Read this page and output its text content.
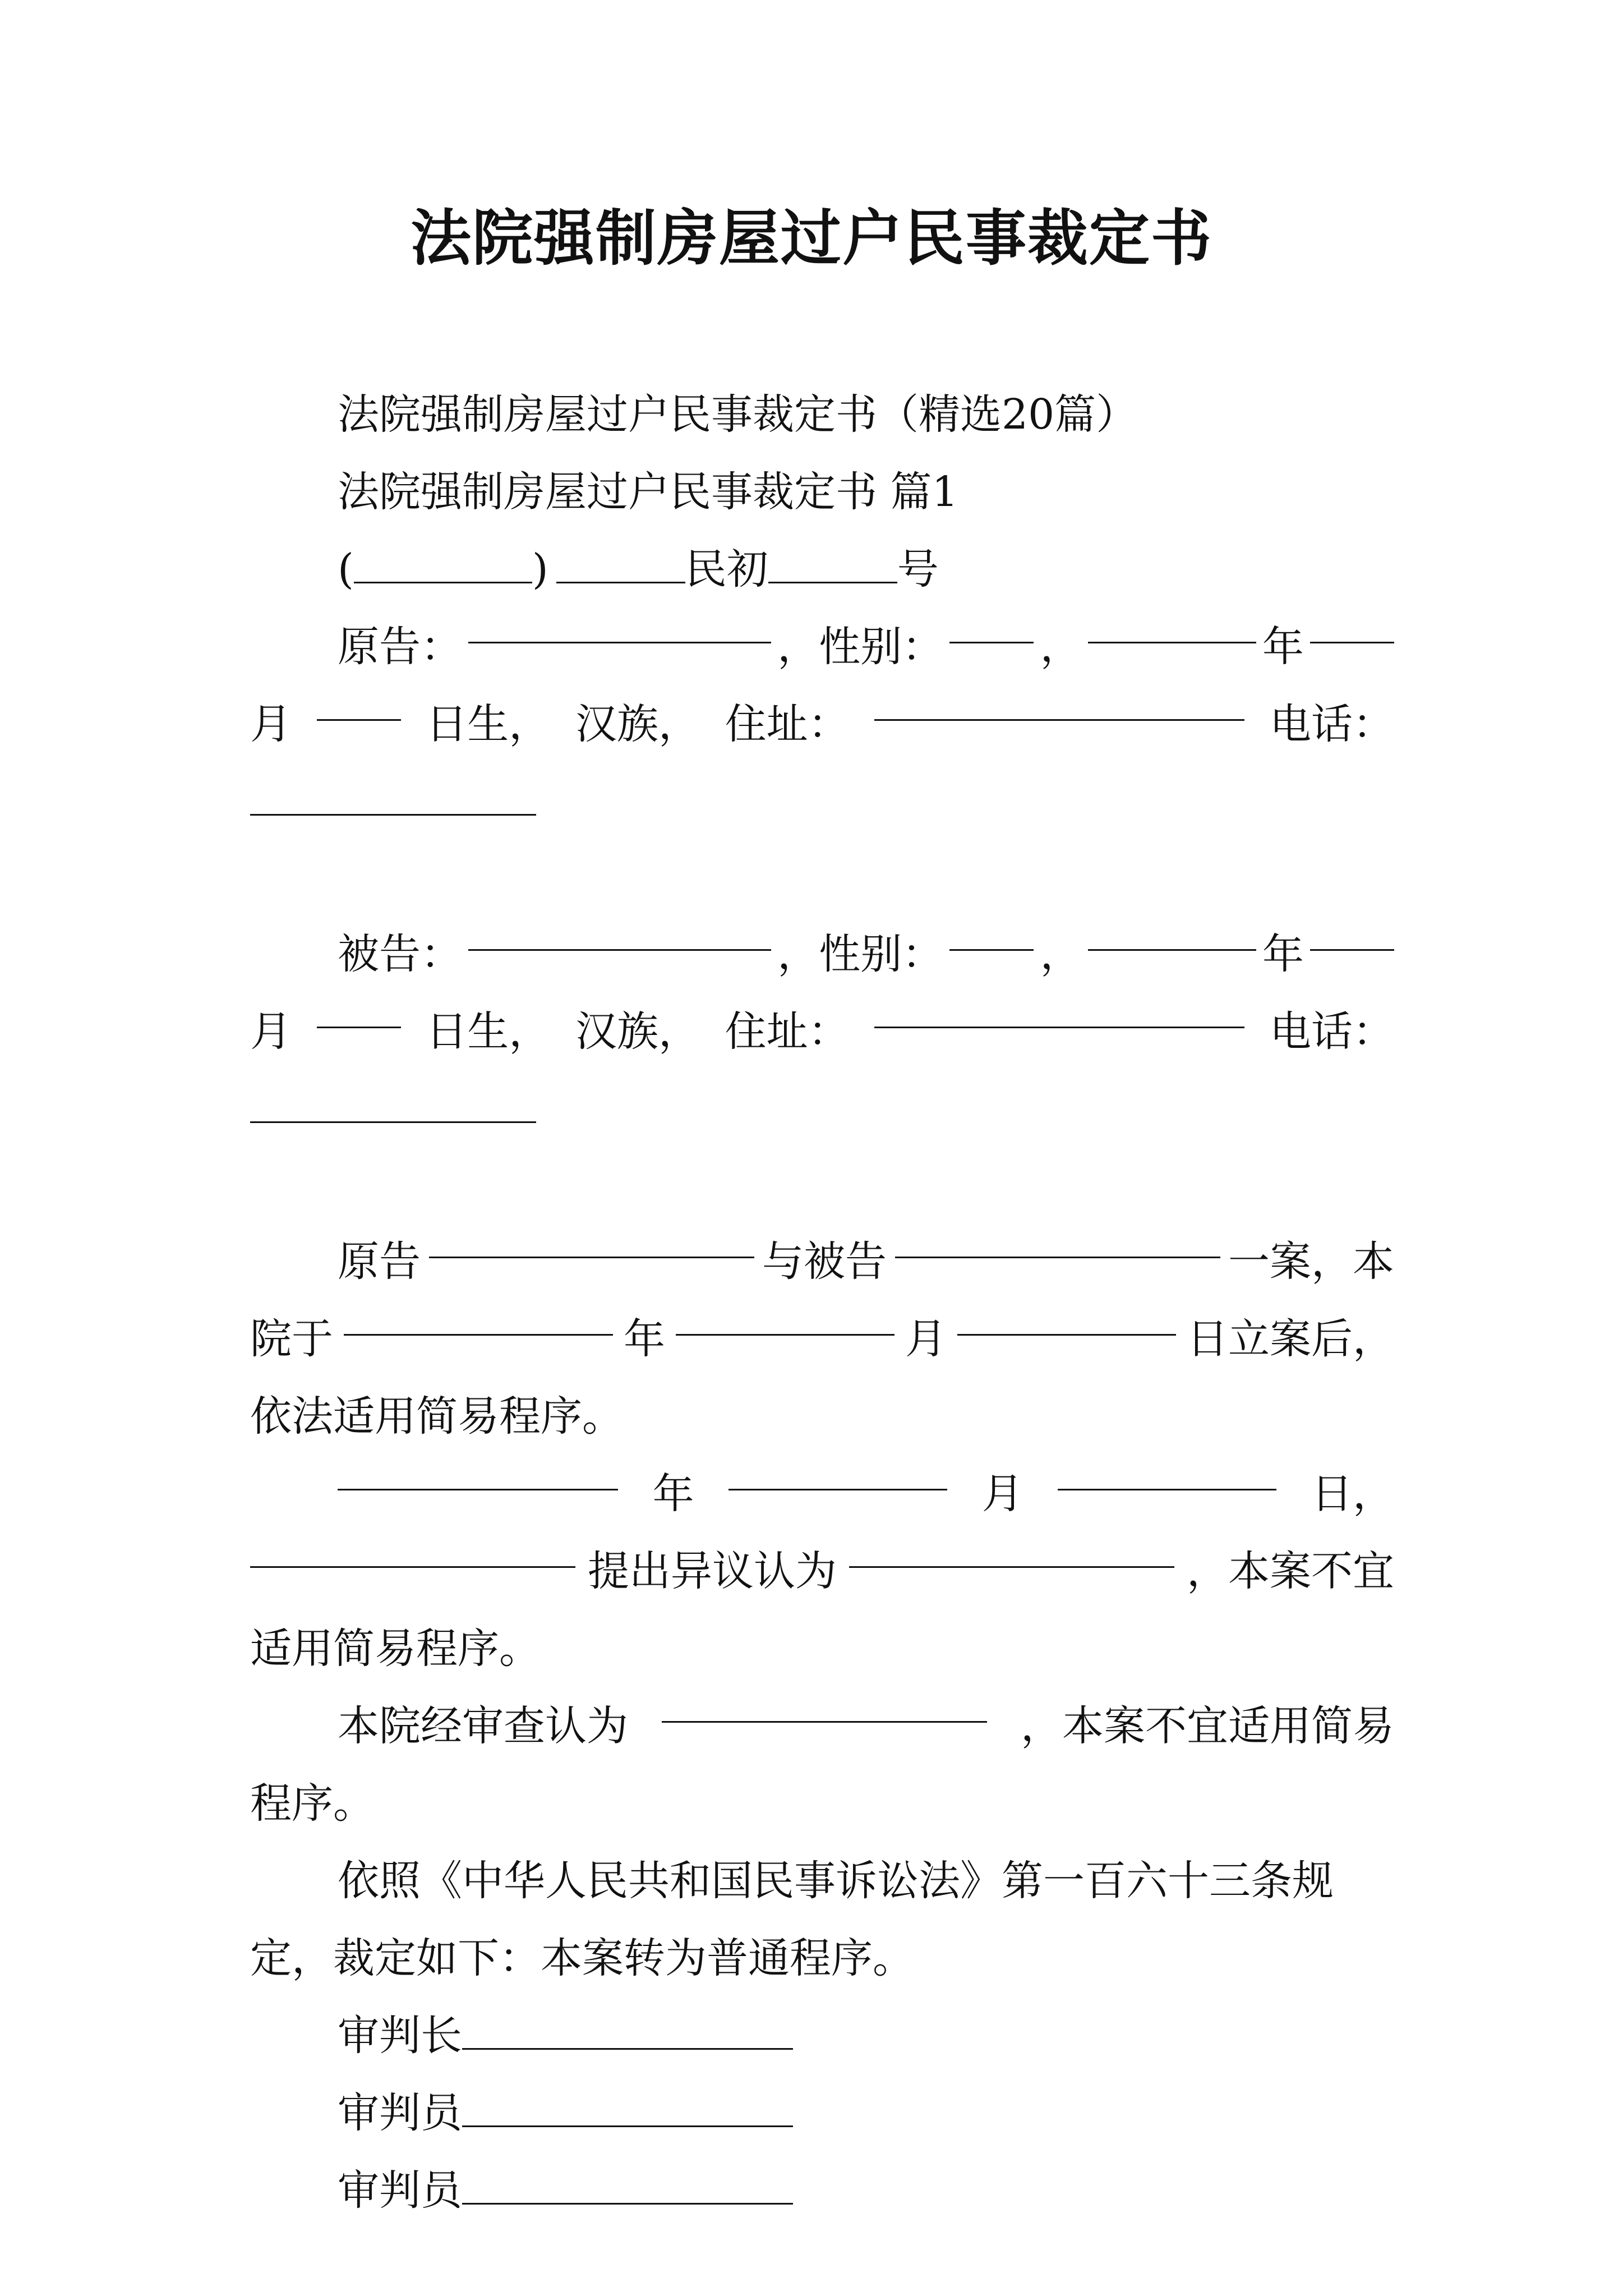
法院强制房屋过户民事裁定书
法院强制房屋过户民事裁定书（精选20篇）
法院强制房屋过户民事裁定书 篇1
(	)	民初	号
原告：	，性别： ，	年
月	日生， 汉族， 住址：	电话：
被告：	，性别： ，	年
月	日生， 汉族， 住址：	电话：
原告	与被告	一案，本
院于	年	月	日立案后，
依法适用简易程序。
年	月	日，
提出异议认为	，本案不宜
适用简易程序。
本院经审查认为	，本案不宜适用简易
程序。
依照《中华人民共和国民事诉讼法》第一百六十三条规
定，裁定如下：本案转为普通程序。
审判长
审判员
审判员
